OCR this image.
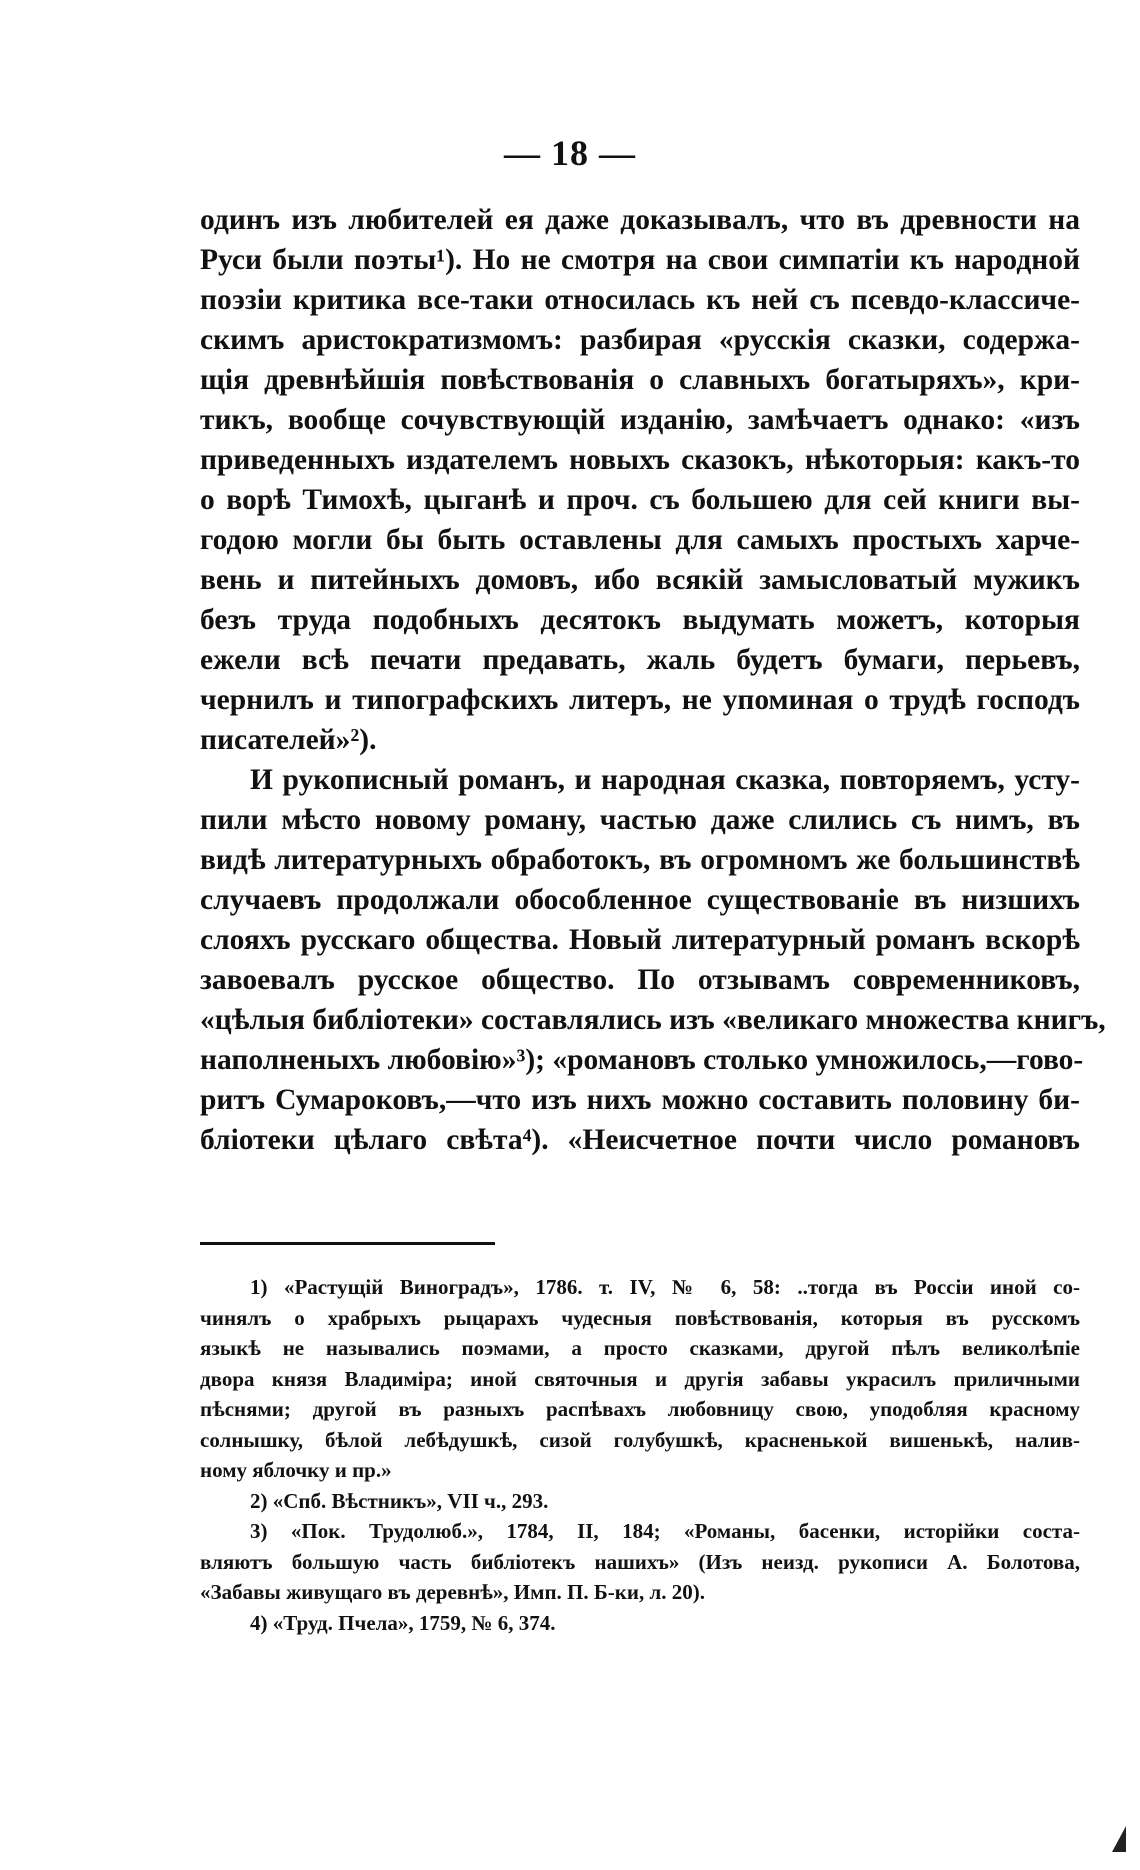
— 18 —
одинъ изъ любителей ея даже доказывалъ, что въ древности на
Руси были поэты¹). Но не смотря на свои симпатіи къ народной
поэзіи критика все-таки относилась къ ней съ псевдо-классиче-
скимъ аристократизмомъ: разбирая «русскія сказки, содержа-
щія древнѣйшія повѣствованія о славныхъ богатыряхъ», кри-
тикъ, вообще сочувствующій изданію, замѣчаетъ однако: «изъ
приведенныхъ издателемъ новыхъ сказокъ, нѣкоторыя: какъ-то
о ворѣ Тимохѣ, цыганѣ и проч. съ большею для сей книги вы-
годою могли бы быть оставлены для самыхъ простыхъ харче-
вень и питейныхъ домовъ, ибо всякій замысловатый мужикъ
безъ труда подобныхъ десятокъ выдумать можетъ, которыя
ежели всѣ печати предавать, жаль будетъ бумаги, перьевъ,
чернилъ и типографскихъ литеръ, не упоминая о трудѣ господъ
писателей»²).
И рукописный романъ, и народная сказка, повторяемъ, усту-
пили мѣсто новому роману, частью даже слились съ нимъ, въ
видѣ литературныхъ обработокъ, въ огромномъ же большинствѣ
случаевъ продолжали обособленное существованіе въ низшихъ
слояхъ русскаго общества. Новый литературный романъ вскорѣ
завоевалъ русское общество. По отзывамъ современниковъ,
«цѣлыя библіотеки» составлялись изъ «великаго множества книгъ,
наполненыхъ любовію»³); «романовъ столько умножилось,—гово-
ритъ Сумароковъ,—что изъ нихъ можно составить половину би-
бліотеки цѣлаго свѣта⁴). «Неисчетное почти число романовъ
1) «Растущій Виноградъ», 1786. т. IV, № 6, 58: ..тогда въ Россіи иной со-
чинялъ о храбрыхъ рыцарахъ чудесныя повѣствованія, которыя въ русскомъ
языкѣ не назывались поэмами, а просто сказками, другой пѣлъ великолѣпіе
двора князя Владиміра; иной святочныя и другія забавы украсилъ приличными
пѣснями; другой въ разныхъ распѣвахъ любовницу свою, уподобляя красному
солнышку, бѣлой лебѣдушкѣ, сизой голубушкѣ, красненькой вишенькѣ, налив-
ному яблочку и пр.»
2) «Спб. Вѣстникъ», VII ч., 293.
3) «Пок. Трудолюб.», 1784, II, 184; «Романы, басенки, исторійки соста-
вляютъ большую часть библіотекъ нашихъ» (Изъ неизд. рукописи А. Болотова,
«Забавы живущаго въ деревнѣ», Имп. П. Б-ки, л. 20).
4) «Труд. Пчела», 1759, № 6, 374.
